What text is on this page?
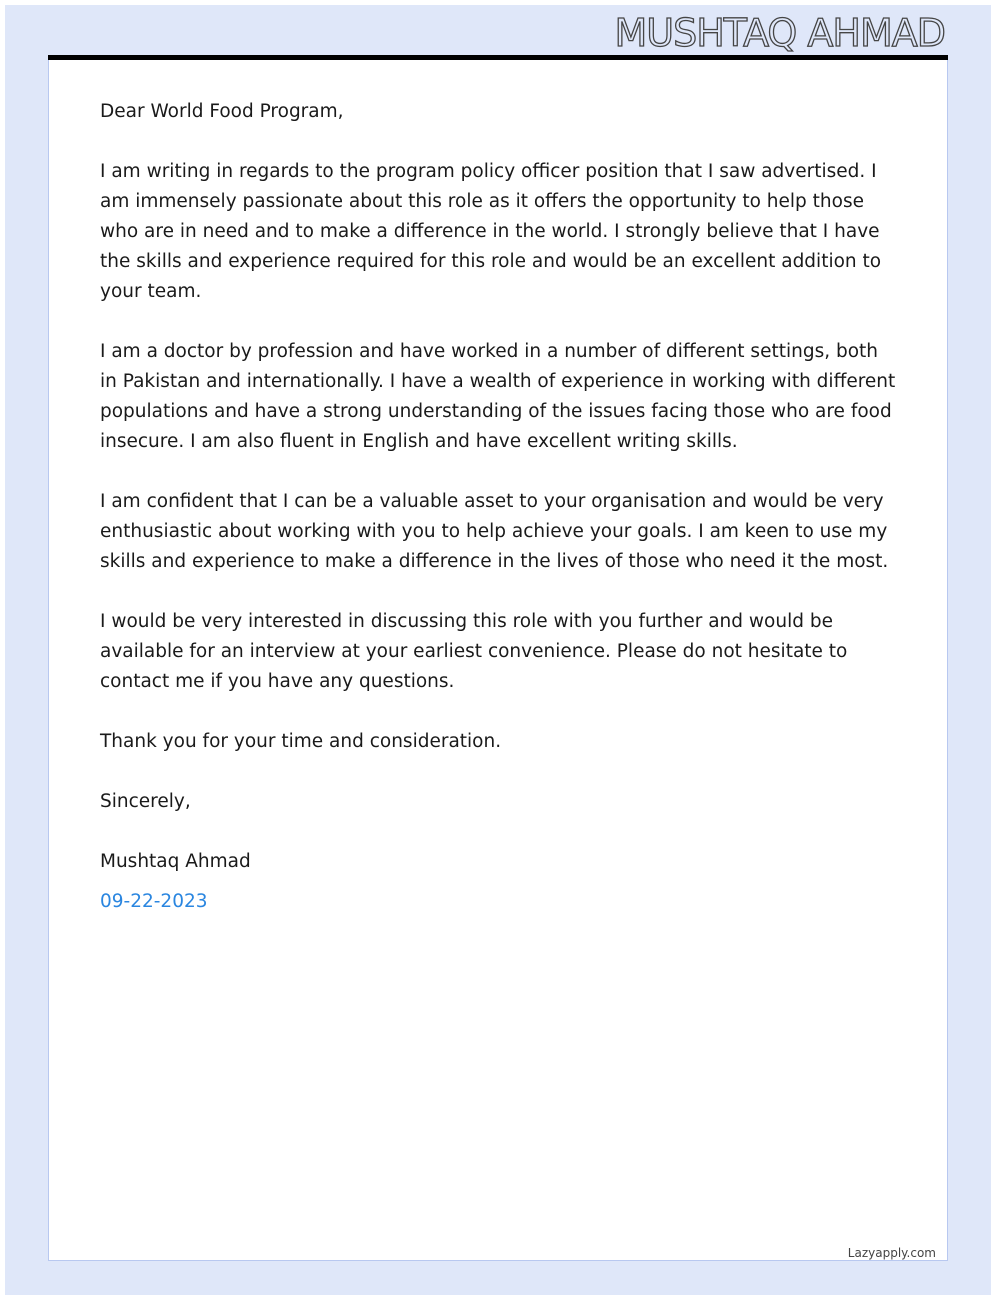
MUSHTAQ AHMAD

Dear World Food Program,

I am writing in regards to the program policy officer position that I saw advertised. I am immensely passionate about this role as it offers the opportunity to help those who are in need and to make a difference in the world. I strongly believe that I have the skills and experience required for this role and would be an excellent addition to your team.

I am a doctor by profession and have worked in a number of different settings, both in Pakistan and internationally. I have a wealth of experience in working with different populations and have a strong understanding of the issues facing those who are food insecure. I am also fluent in English and have excellent writing skills.

I am confident that I can be a valuable asset to your organisation and would be very enthusiastic about working with you to help achieve your goals. I am keen to use my skills and experience to make a difference in the lives of those who need it the most.

I would be very interested in discussing this role with you further and would be available for an interview at your earliest convenience. Please do not hesitate to contact me if you have any questions.

Thank you for your time and consideration.

Sincerely,

Mushtaq Ahmad

09-22-2023

Lazyapply.com
